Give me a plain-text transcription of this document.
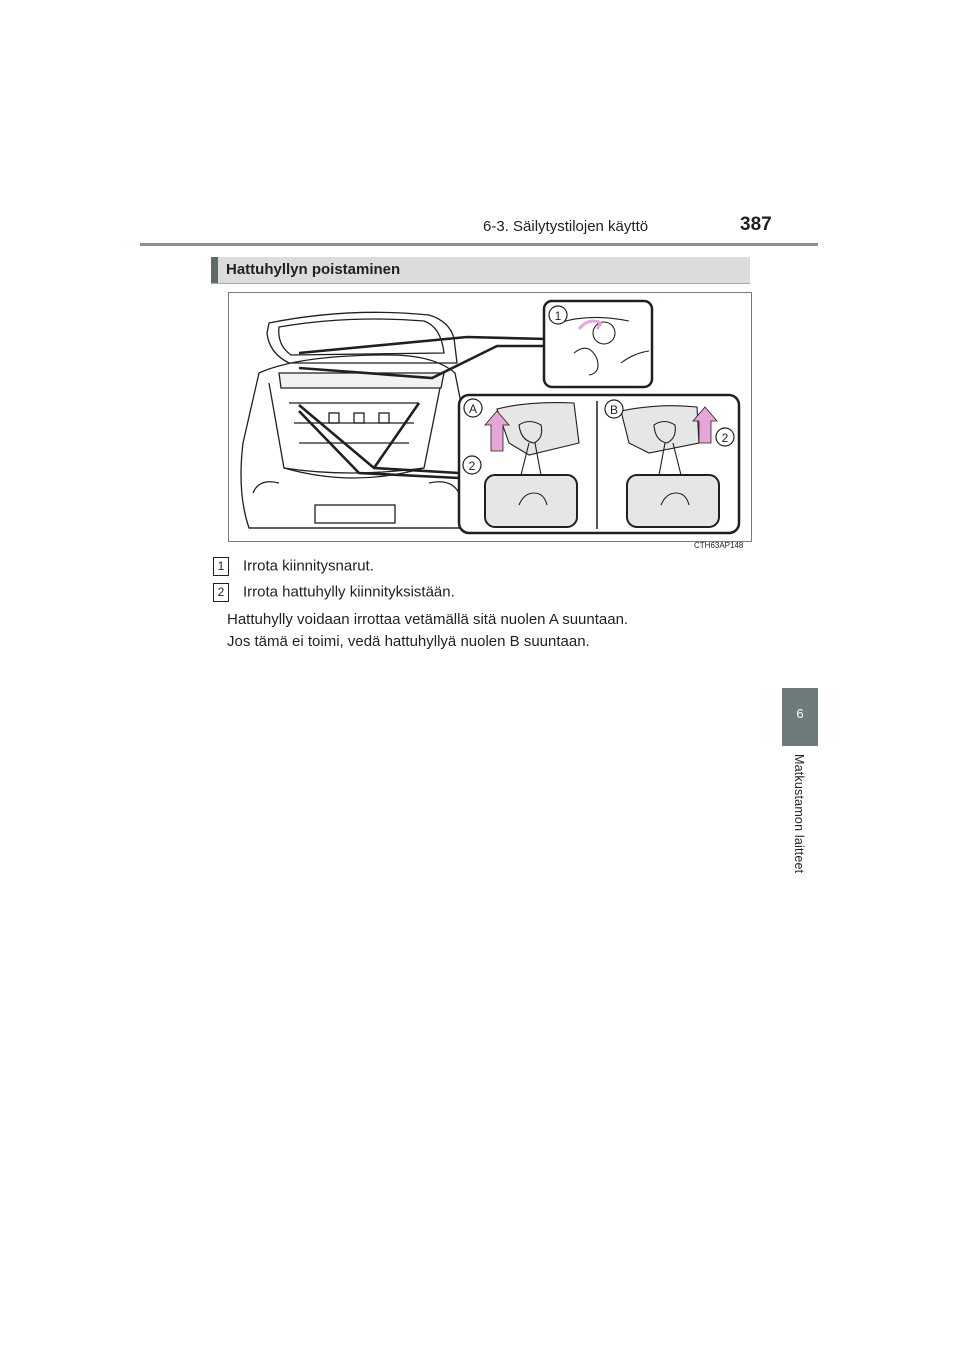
6-3. Säilytystilojen käyttö	387
6
Matkustamon laitteet
Hattuhyllyn poistaminen
1
A
2
B
2
CTH63AP148
1 Irrota kiinnitysnarut.
2 Irrota hattuhylly kiinnityksistään.
Hattuhylly voidaan irrottaa vetämällä sitä nuolen A suuntaan.
Jos tämä ei toimi, vedä hattuhyllyä nuolen B suuntaan.
